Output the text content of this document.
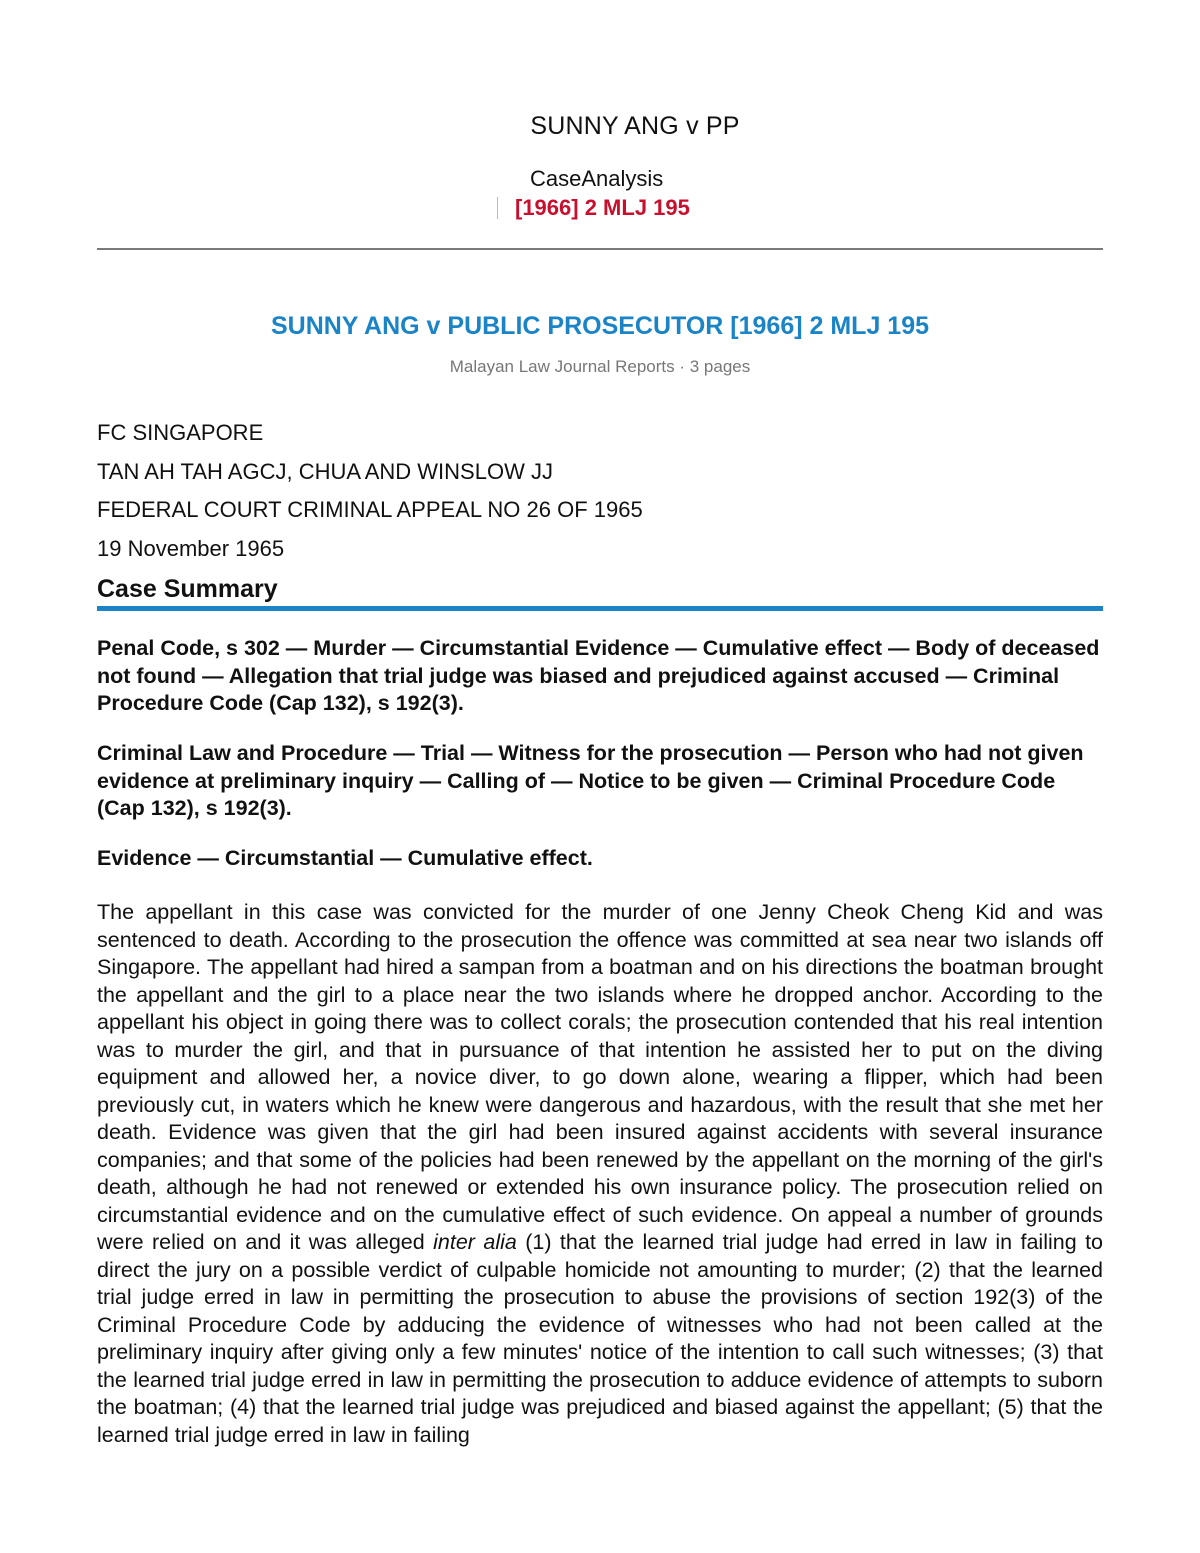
SUNNY ANG v PP
CaseAnalysis
[1966] 2 MLJ 195
SUNNY ANG v PUBLIC PROSECUTOR [1966] 2 MLJ 195
Malayan Law Journal Reports · 3 pages
FC SINGAPORE
TAN AH TAH AGCJ, CHUA AND WINSLOW JJ
FEDERAL COURT CRIMINAL APPEAL NO 26 OF 1965
19 November 1965
Case Summary

Penal Code, s 302 — Murder — Circumstantial Evidence — Cumulative effect — Body of deceased not found — Allegation that trial judge was biased and prejudiced against accused — Criminal Procedure Code (Cap 132), s 192(3).

Criminal Law and Procedure — Trial — Witness for the prosecution — Person who had not given evidence at preliminary inquiry — Calling of — Notice to be given — Criminal Procedure Code (Cap 132), s 192(3).

Evidence — Circumstantial — Cumulative effect.

The appellant in this case was convicted for the murder of one Jenny Cheok Cheng Kid and was sentenced to death. According to the prosecution the offence was committed at sea near two islands off Singapore. The appellant had hired a sampan from a boatman and on his directions the boatman brought the appellant and the girl to a place near the two islands where he dropped anchor. According to the appellant his object in going there was to collect corals; the prosecution contended that his real intention was to murder the girl, and that in pursuance of that intention he assisted her to put on the diving equipment and allowed her, a novice diver, to go down alone, wearing a flipper, which had been previously cut, in waters which he knew were dangerous and hazardous, with the result that she met her death. Evidence was given that the girl had been insured against accidents with several insurance companies; and that some of the policies had been renewed by the appellant on the morning of the girl's death, although he had not renewed or extended his own insurance policy. The prosecution relied on circumstantial evidence and on the cumulative effect of such evidence. On appeal a number of grounds were relied on and it was alleged inter alia (1) that the learned trial judge had erred in law in failing to direct the jury on a possible verdict of culpable homicide not amounting to murder; (2) that the learned trial judge erred in law in permitting the prosecution to abuse the provisions of section 192(3) of the Criminal Procedure Code by adducing the evidence of witnesses who had not been called at the preliminary inquiry after giving only a few minutes' notice of the intention to call such witnesses; (3) that the learned trial judge erred in law in permitting the prosecution to adduce evidence of attempts to suborn the boatman; (4) that the learned trial judge was prejudiced and biased against the appellant; (5) that the learned trial judge erred in law in failing
